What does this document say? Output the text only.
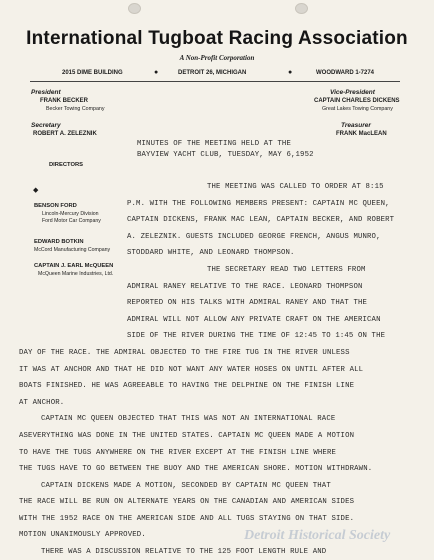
International Tugboat Racing Association
A Non-Profit Corporation
2015 DIME BUILDING	●	DETROIT 26, MICHIGAN	●	WOODWARD 1-7274
President
FRANK BECKER
Becker Towing Company
Vice-President
CAPTAIN CHARLES DICKENS
Great Lakes Towing Company
Secretary
ROBERT A. ZELEZNIK
Treasurer
FRANK MacLEAN
DIRECTORS
◆
BENSON FORD
Lincoln-Mercury Division
Ford Motor Car Company
EDWARD BOTKIN
McCord Manufacturing Company
CAPTAIN J. EARL McQUEEN
McQueen Marine Industries, Ltd.
MINUTES OF THE MEETING HELD AT THE
BAYVIEW YACHT CLUB, TUESDAY, MAY 6,1952
THE MEETING WAS CALLED TO ORDER AT 8:15
P.M. WITH THE FOLLOWING MEMBERS PRESENT: CAPTAIN MC QUEEN,
CAPTAIN DICKENS, FRANK MAC LEAN, CAPTAIN BECKER, AND ROBERT
A. ZELEZNIK. GUESTS INCLUDED GEORGE FRENCH, ANGUS MUNRO,
STODDARD WHITE, AND LEONARD THOMPSON.
THE SECRETARY READ TWO LETTERS FROM
ADMIRAL RANEY RELATIVE TO THE RACE. LEONARD THOMPSON
REPORTED ON HIS TALKS WITH ADMIRAL RANEY AND THAT THE
ADMIRAL WILL NOT ALLOW ANY PRIVATE CRAFT ON THE AMERICAN
SIDE OF THE RIVER DURING THE TIME OF 12:45 TO 1:45 ON THE
DAY OF THE RACE. THE ADMIRAL OBJECTED TO THE FIRE TUG IN THE RIVER UNLESS
IT WAS AT ANCHOR AND THAT HE DID NOT WANT ANY WATER HOSES ON UNTIL AFTER ALL
BOATS FINISHED. HE WAS AGREEABLE TO HAVING THE DELPHINE ON THE FINISH LINE
AT ANCHOR.
CAPTAIN MC QUEEN OBJECTED THAT THIS WAS NOT AN INTERNATIONAL RACE
ASEVERYTHING WAS DONE IN THE UNITED STATES. CAPTAIN MC QUEEN MADE A MOTION
TO HAVE THE TUGS ANYWHERE ON THE RIVER EXCEPT AT THE FINISH LINE WHERE
THE TUGS HAVE TO GO BETWEEN THE BUOY AND THE AMERICAN SHORE. MOTION WITHDRAWN.
CAPTAIN DICKENS MADE A MOTION, SECONDED BY CAPTAIN MC QUEEN THAT
THE RACE WILL BE RUN ON ALTERNATE YEARS ON THE CANADIAN AND AMERICAN SIDES
WITH THE 1952 RACE ON THE AMERICAN SIDE AND ALL TUGS STAYING ON THAT SIDE.
MOTION UNANIMOUSLY APPROVED.
THERE WAS A DISCUSSION RELATIVE TO THE 125 FOOT LENGTH RULE AND
Detroit Historical Society
